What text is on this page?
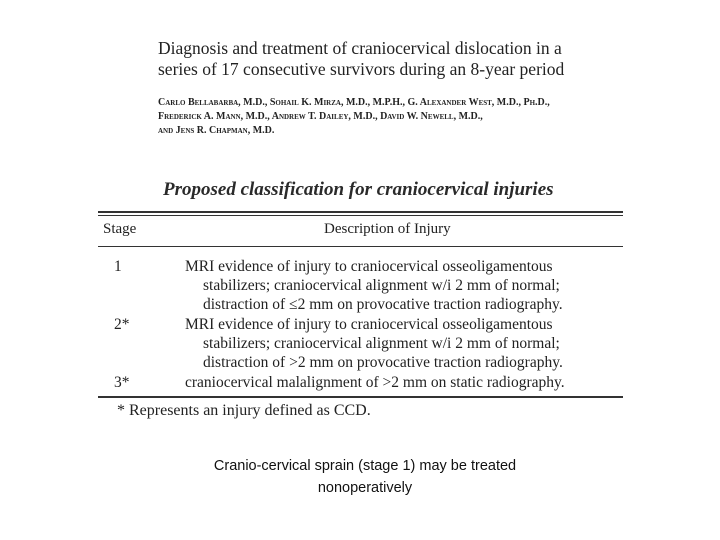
Diagnosis and treatment of craniocervical dislocation in a
series of 17 consecutive survivors during an 8-year period
Carlo Bellabarba, M.D., Sohail K. Mirza, M.D., M.P.H., G. Alexander West, M.D., Ph.D.,
Frederick A. Mann, M.D., Andrew T. Dailey, M.D., David W. Newell, M.D.,
and Jens R. Chapman, M.D.
Proposed classification for craniocervical injuries
Stage	Description of Injury
1	MRI evidence of injury to craniocervical osseoligamentous
stabilizers; craniocervical alignment w/i 2 mm of normal;
distraction of ≤2 mm on provocative traction radiography.
2*	MRI evidence of injury to craniocervical osseoligamentous
stabilizers; craniocervical alignment w/i 2 mm of normal;
distraction of >2 mm on provocative traction radiography.
3*	craniocervical malalignment of >2 mm on static radiography.
* Represents an injury defined as CCD.
Cranio-cervical sprain (stage 1) may be treated
nonoperatively
